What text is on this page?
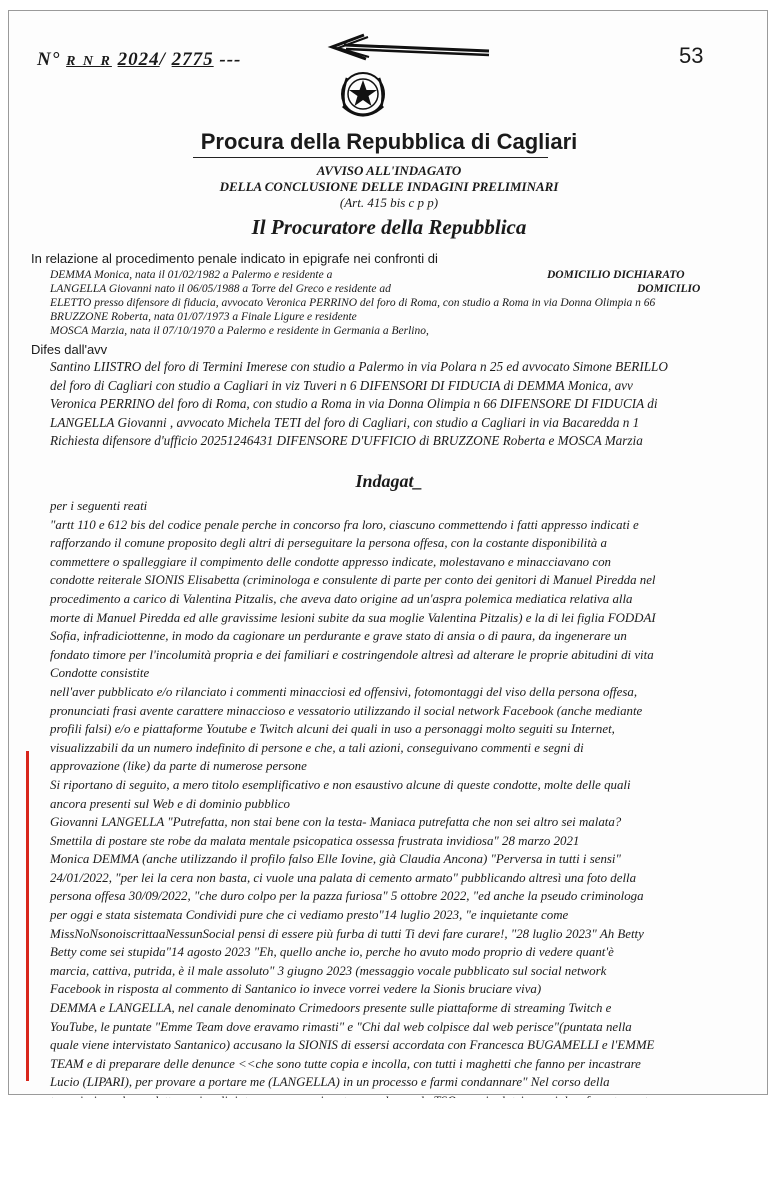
N° R N R 2024/ 2775 ---	53
Procura della Repubblica di Cagliari
AVVISO ALL'INDAGATO
DELLA CONCLUSIONE DELLE INDAGINI PRELIMINARI
(Art. 415 bis c p p)
Il Procuratore della Repubblica
In relazione al procedimento penale indicato in epigrafe nei confronti di
DEMMA Monica, nata il 01/02/1982 a Palermo e residente a	DOMICILIO DICHIARATO
LANGELLA Giovanni nato il 06/05/1988 a Torre del Greco e residente ad	DOMICILIO
ELETTO presso difensore di fiducia, avvocato Veronica PERRINO del foro di Roma, con studio a Roma in via Donna Olimpia n 66
BRUZZONE Roberta, nata 01/07/1973 a Finale Ligure e residente
MOSCA Marzia, nata il 07/10/1970 a Palermo e residente in Germania a Berlino,
Difes dall'avv

Santino LIISTRO del foro di Termini Imerese con studio a Palermo in via Polara n 25 ed avvocato Simone BERILLO

del foro di Cagliari con studio a Cagliari in viz Tuveri n 6 DIFENSORI DI FIDUCIA di DEMMA Monica, avv

Veronica PERRINO del foro di Roma, con studio a Roma in via Donna Olimpia n 66 DIFENSORE DI FIDUCIA di

LANGELLA Giovanni , avvocato Michela TETI del foro di Cagliari, con studio a Cagliari in via Bacaredda n 1

Richiesta difensore d'ufficio 20251246431 DIFENSORE D'UFFICIO di BRUZZONE Roberta e MOSCA Marzia

Indagat_

per i seguenti reati

"artt 110 e 612 bis del codice penale perche in concorso fra loro, ciascuno commettendo i fatti appresso indicati e

rafforzando il comune proposito degli altri di perseguitare la persona offesa, con la costante disponibilità a

commettere o spalleggiare il compimento delle condotte appresso indicate, molestavano e minacciavano con

condotte reiterale SIONIS Elisabetta (criminologa e consulente di parte per conto dei genitori di Manuel Piredda nel

procedimento a carico di Valentina Pitzalis, che aveva dato origine ad un'aspra polemica mediatica relativa alla

morte di Manuel Piredda ed alle gravissime lesioni subite da sua moglie Valentina Pitzalis) e la di lei figlia FODDAI

Sofia, infradiciottenne, in modo da cagionare un perdurante e grave stato di ansia o di paura, da ingenerare un

fondato timore per l'incolumità propria e dei familiari e costringendole altresì ad alterare le proprie abitudini di vita

Condotte consistite

nell'aver pubblicato e/o rilanciato i commenti minacciosi ed offensivi, fotomontaggi del viso della persona offesa,

pronunciati frasi avente carattere minaccioso e vessatorio utilizzando il social network Facebook (anche mediante

profili falsi) e/o e piattaforme Youtube e Twitch alcuni dei quali in uso a personaggi molto seguiti su Internet,

visualizzabili da un numero indefinito di persone e che, a tali azioni, conseguivano commenti e segni di

approvazione (like) da parte di numerose persone

Si riportano di seguito, a mero titolo esemplificativo e non esaustivo alcune di queste condotte, molte delle quali

ancora presenti sul Web e di dominio pubblico

Giovanni LANGELLA "Putrefatta, non stai bene con la testa- Maniaca putrefatta che non sei altro sei malata?

Smettila di postare ste robe da malata mentale psicopatica ossessa frustrata invidiosa" 28 marzo 2021

Monica DEMMA (anche utilizzando il profilo falso Elle Iovine, già Claudia Ancona) "Perversa in tutti i sensi"

24/01/2022, "per lei la cera non basta, ci vuole una palata di cemento armato" pubblicando altresì una foto della

persona offesa 30/09/2022, "che duro colpo per la pazza furiosa" 5 ottobre 2022, "ed anche la pseudo criminologa

per oggi e stata sistemata Condividi pure che ci vediamo presto"14 luglio 2023, "e inquietante come

MissNoNsonoiscrittaaNessunSocial pensi di essere più furba di tutti Ti devi fare curare!, "28 luglio 2023" Ah Betty

Betty come sei stupida"14 agosto 2023 "Eh, quello anche io, perche ho avuto modo proprio di vedere quant'è

marcia, cattiva, putrida, è il male assoluto" 3 giugno 2023 (messaggio vocale pubblicato sul social network

Facebook in risposta al commento di Santanico io invece vorrei vedere la Sionis bruciare viva)

DEMMA e LANGELLA, nel canale denominato Crimedoors presente sulle piattaforme di streaming Twitch e

YouTube, le puntate "Emme Team dove eravamo rimasti" e "Chi dal web colpisce dal web perisce"(puntata nella

quale viene intervistato Santanico) accusano la SIONIS di essersi accordata con Francesca BUGAMELLI e l'EMME

TEAM e di preparare delle denunce <<che sono tutte copia e incolla, con tutti i maghetti che fanno per incastrare

Lucio (LIPARI), per provare a portare me (LANGELLA) in un processo e farmi condannare" Nel corso della
